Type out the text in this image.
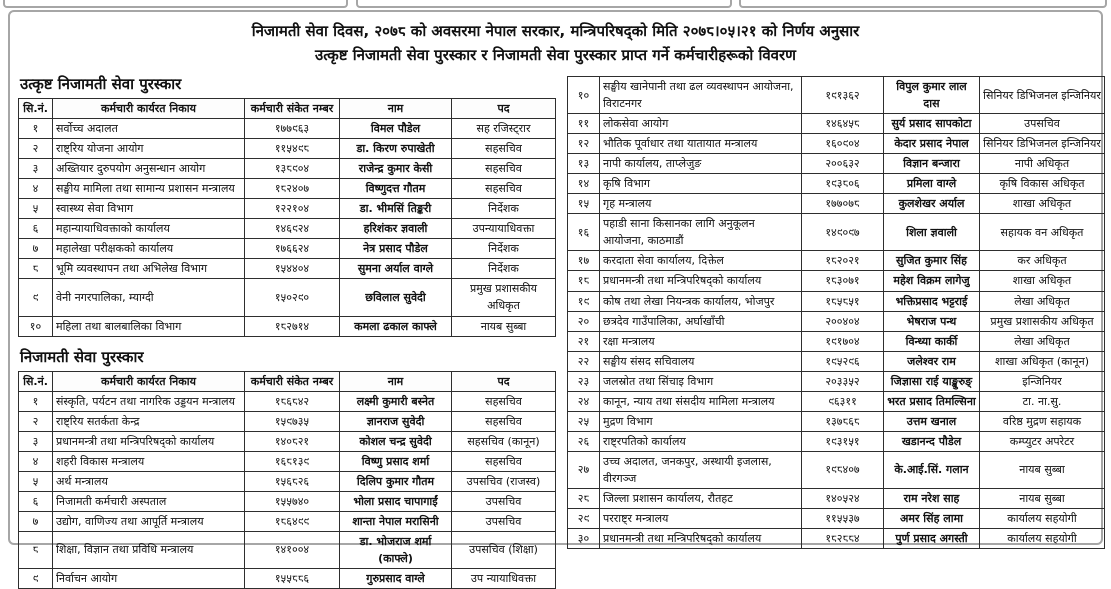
निजामती सेवा दिवस, २०७८ को अवसरमा नेपाल सरकार, मन्त्रिपरिषद्को मिति २०७८।०५।२१ को निर्णय अनुसार
उत्कृष्ट निजामती सेवा पुरस्कार र निजामती सेवा पुरस्कार प्राप्त गर्ने कर्मचारीहरूको विवरण
उत्कृष्ट निजामती सेवा पुरस्कार
सि.नं.	कर्मचारी कार्यरत निकाय	कर्मचारी संकेत नम्बर	नाम	पद
१	सर्वोच्च अदालत	१७७९६३	विमल पौडेल	सह रजिस्ट्रार
२	राष्ट्रिय योजना आयोग	११५४९८	डा. किरण रुपाखेती	सहसचिव
३	अख्तियार दुरुपयोग अनुसन्धान आयोग	१३८९०४	राजेन्द्र कुमार केसी	सहसचिव
४	सङ्घीय मामिला तथा सामान्य प्रशासन मन्त्रालय	१८२४०७	विष्णुदत्त गौतम	सहसचिव
५	स्वास्थ्य सेवा विभाग	१२२१०४	डा. भीमसिं तिङ्करी	निर्देशक
६	महान्यायाधिवक्ताको कार्यालय	१४६९२४	हरिशंकर ज्ञवाली	उपन्यायाधिवक्ता
७	महालेखा परीक्षकको कार्यालय	१७६६२४	नेत्र प्रसाद पौडेल	निर्देशक
८	भूमि व्यवस्थापन तथा अभिलेख विभाग	१५४४०४	सुमना अर्याल वाग्ले	निर्देशक
९	वेनी नगरपालिका, म्याग्दी	१५०२९०	छविलाल सुवेदी	प्रमुख प्रशासकीय अधिकृत
१०	महिला तथा बालबालिका विभाग	१८२७१४	कमला ढकाल काफ्ले	नायब सुब्बा
निजामती सेवा पुरस्कार
सि.नं.	कर्मचारी कार्यरत निकाय	कर्मचारी संकेत नम्बर	नाम	पद
१	संस्कृति, पर्यटन तथा नागरिक उड्डयन मन्त्रालय	१८६८४२	लक्ष्मी कुमारी बस्नेत	सहसचिव
२	राष्ट्रिय सतर्कता केन्द्र	१५९७३५	ज्ञानराज सुवेदी	सहसचिव
३	प्रधानमन्त्री तथा मन्त्रिपरिषद्को कार्यालय	१४०८२१	कोशल चन्द्र सुवेदी	सहसचिव (कानून)
४	शहरी विकास मन्त्रालय	१६८१३९	विष्णु प्रसाद शर्मा	सहसचिव
५	अर्थ मन्त्रालय	१५६८२६	दिलिप कुमार गौतम	उपसचिव (राजस्व)
६	निजामती कर्मचारी अस्पताल	१५५७४०	भोला प्रसाद चापागाईं	उपसचिव
७	उद्योग, वाणिज्य तथा आपूर्ति मन्त्रालय	१८६४९९	शान्ता नेपाल मरासिनी	उपसचिव
८	शिक्षा, विज्ञान तथा प्रविधि मन्त्रालय	१४१००४	डा. भोजराज शर्मा (काफ्ले)	उपसचिव (शिक्षा)
९	निर्वाचन आयोग	१५५८८६	गुरुप्रसाद वाग्ले	उप न्यायाधिवक्ता
१०	सङ्घीय खानेपानी तथा ढल व्यवस्थापन आयोजना, विराटनगर	१९१३६२	विपुल कुमार लाल दास	सिनियर डिभिजनल इन्जिनियर
११	लोकसेवा आयोग	१४६४५८	सुर्य प्रसाद सापकोटा	उपसचिव
१२	भौतिक पूर्वाधार तथा यातायात मन्त्रालय	१६०९०४	केदार प्रसाद नेपाल	सिनियर डिभिजनल इन्जिनियर
१३	नापी कार्यालय, ताप्लेजुङ	२००६३२	विज्ञान बन्जारा	नापी अधिकृत
१४	कृषि विभाग	१९३८०६	प्रमिला वाग्ले	कृषि विकास अधिकृत
१५	गृह मन्त्रालय	१७७०७८	कुलशेखर अर्याल	शाखा अधिकृत
१६	पहाडी साना किसानका लागि अनुकूलन आयोजना, काठमाडौं	१४९०९७	शिला ज्ञवाली	सहायक वन अधिकृत
१७	करदाता सेवा कार्यालय, दिक्तेल	१८२०२१	सुजित कुमार सिंह	कर अधिकृत
१८	प्रधानमन्त्री तथा मन्त्रिपरिषद्को कार्यालय	१८३०७१	महेश विक्रम लागेजु	शाखा अधिकृत
१९	कोष तथा लेखा नियन्त्रक कार्यालय, भोजपुर	१८५८५१	भक्तिप्रसाद भट्टराई	लेखा अधिकृत
२०	छत्रदेव गाउँपालिका, अर्घाखाँची	२००४०४	भेषराज पन्थ	प्रमुख प्रशासकीय अधिकृत
२१	रक्षा मन्त्रालय	१९१७०४	विन्ध्या कार्की	लेखा अधिकृत
२२	सङ्घीय संसद सचिवालय	१९५२९६	जलेश्वर राम	शाखा अधिकृत (कानून)
२३	जलस्रोत तथा सिंचाइ विभाग	२०३३५२	जिज्ञासा राई याङ्खुरुङ्	इन्जिनियर
२४	कानून, न्याय तथा संसदीय मामिला मन्त्रालय	९६३११	भरत प्रसाद तिमल्सिना	टा. ना.सु.
२५	मुद्रण विभाग	१३७८६८	उत्तम खनाल	वरिष्ठ मुद्रण सहायक
२६	राष्ट्रपतिको कार्यालय	१९३१५१	खडानन्द पौडेल	कम्प्युटर अपरेटर
२७	उच्च अदालत, जनकपुर, अस्थायी इजलास, वीरगञ्ज	१९८४०७	के.आई.सिं. गलान	नायब सुब्बा
२८	जिल्ला प्रशासन कार्यालय, रौतहट	१४०५२४	राम नरेश साह	नायब सुब्बा
२९	परराष्ट्र मन्त्रालय	११५५३७	अमर सिंह लामा	कार्यालय सहयोगी
३०	प्रधानमन्त्री तथा मन्त्रिपरिषद्को कार्यालय	१८२८८४	पुर्ण प्रसाद अगस्ती	कार्यालय सहयोगी
